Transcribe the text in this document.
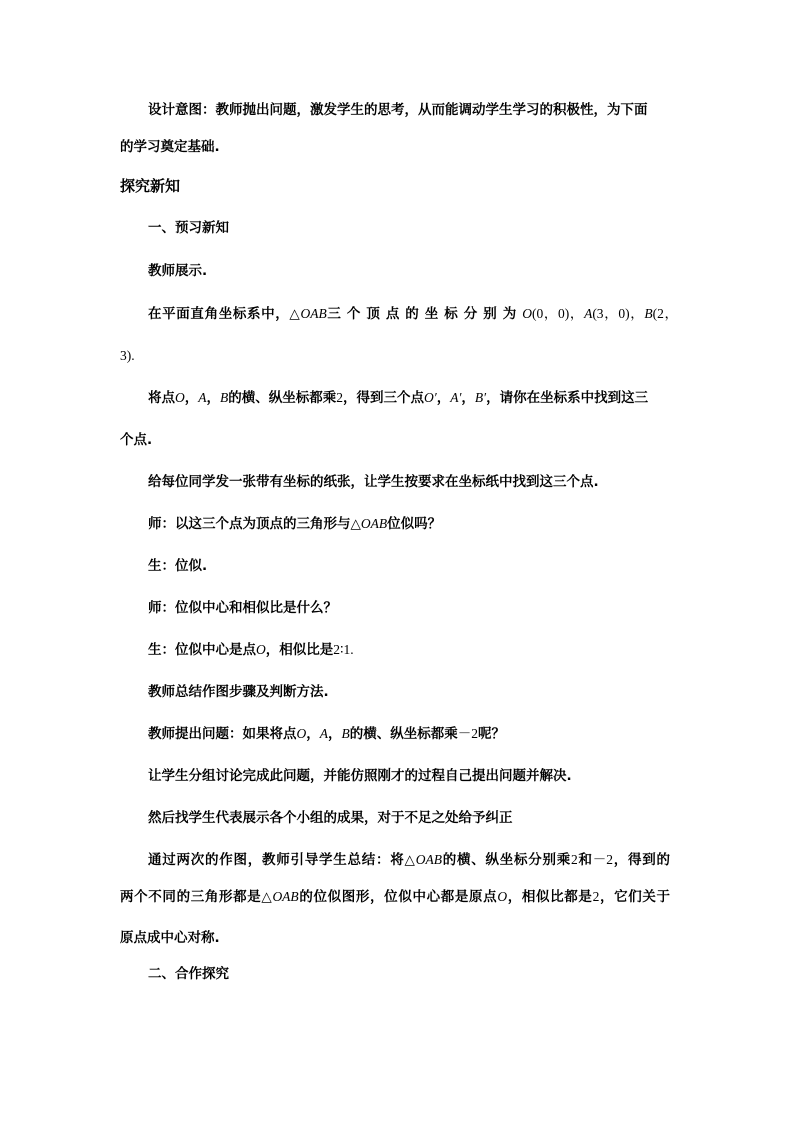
设计意图：教师抛出问题，激发学生的思考，从而能调动学生学习的积极性，为下面
的学习奠定基础.
探究新知
一、预习新知
教师展示.
在平面直角坐标系中，△OAB三 个 顶 点 的 坐 标 分 别 为 O(0，0)，A(3，0)，B(2，
3).
将点O，A，B的横、纵坐标都乘2，得到三个点O′，A′，B′，请你在坐标系中找到这三
个点.
给每位同学发一张带有坐标的纸张，让学生按要求在坐标纸中找到这三个点.
师：以这三个点为顶点的三角形与△OAB位似吗？
生：位似.
师：位似中心和相似比是什么？
生：位似中心是点O，相似比是2∶1.
教师总结作图步骤及判断方法.
教师提出问题：如果将点O，A，B的横、纵坐标都乘－2呢？
让学生分组讨论完成此问题，并能仿照刚才的过程自己提出问题并解决.
然后找学生代表展示各个小组的成果，对于不足之处给予纠正
通过两次的作图，教师引导学生总结：将△OAB的横、纵坐标分别乘2和－2，得到的
两个不同的三角形都是△OAB的位似图形，位似中心都是原点O，相似比都是2，它们关于
原点成中心对称.
二、合作探究
